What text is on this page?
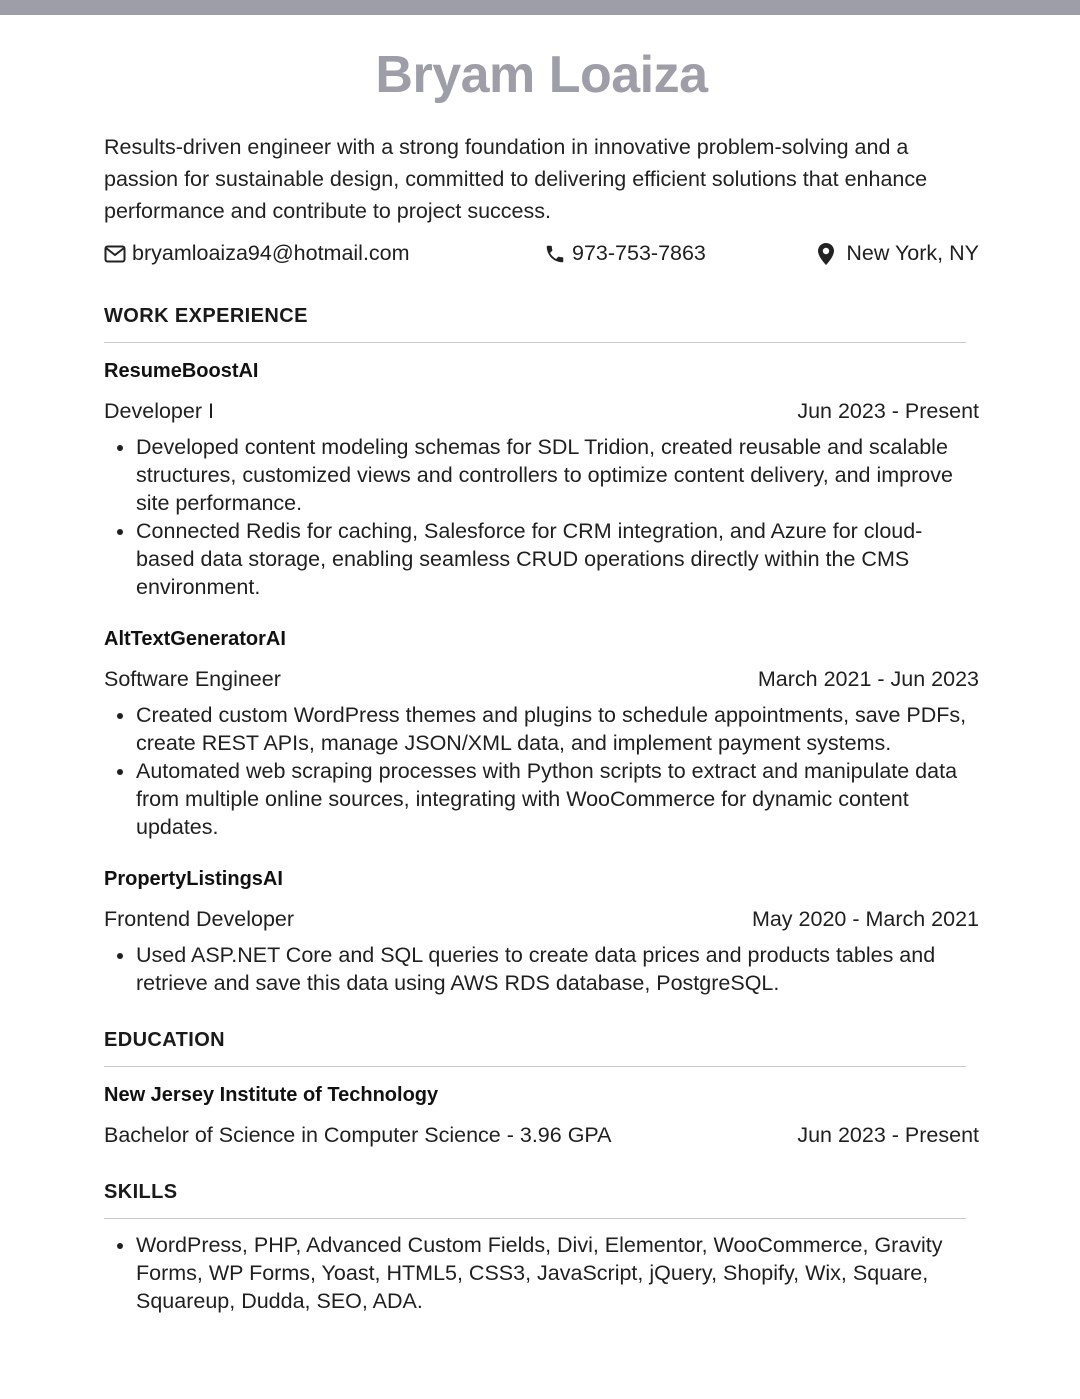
Bryam Loaiza
Results-driven engineer with a strong foundation in innovative problem-solving and a passion for sustainable design, committed to delivering efficient solutions that enhance performance and contribute to project success.
bryamloaiza94@hotmail.com	973-753-7863	New York, NY
WORK EXPERIENCE
ResumeBoostAI
Developer I	Jun 2023 - Present
• Developed content modeling schemas for SDL Tridion, created reusable and scalable structures, customized views and controllers to optimize content delivery, and improve site performance.
• Connected Redis for caching, Salesforce for CRM integration, and Azure for cloud-based data storage, enabling seamless CRUD operations directly within the CMS environment.
AltTextGeneratorAI
Software Engineer	March 2021 - Jun 2023
• Created custom WordPress themes and plugins to schedule appointments, save PDFs, create REST APIs, manage JSON/XML data, and implement payment systems.
• Automated web scraping processes with Python scripts to extract and manipulate data from multiple online sources, integrating with WooCommerce for dynamic content updates.
PropertyListingsAI
Frontend Developer	May 2020 - March 2021
• Used ASP.NET Core and SQL queries to create data prices and products tables and retrieve and save this data using AWS RDS database, PostgreSQL.
EDUCATION
New Jersey Institute of Technology
Bachelor of Science in Computer Science - 3.96 GPA	Jun 2023 - Present
SKILLS
• WordPress, PHP, Advanced Custom Fields, Divi, Elementor, WooCommerce, Gravity Forms, WP Forms, Yoast, HTML5, CSS3, JavaScript, jQuery, Shopify, Wix, Square, Squareup, Dudda, SEO, ADA.
